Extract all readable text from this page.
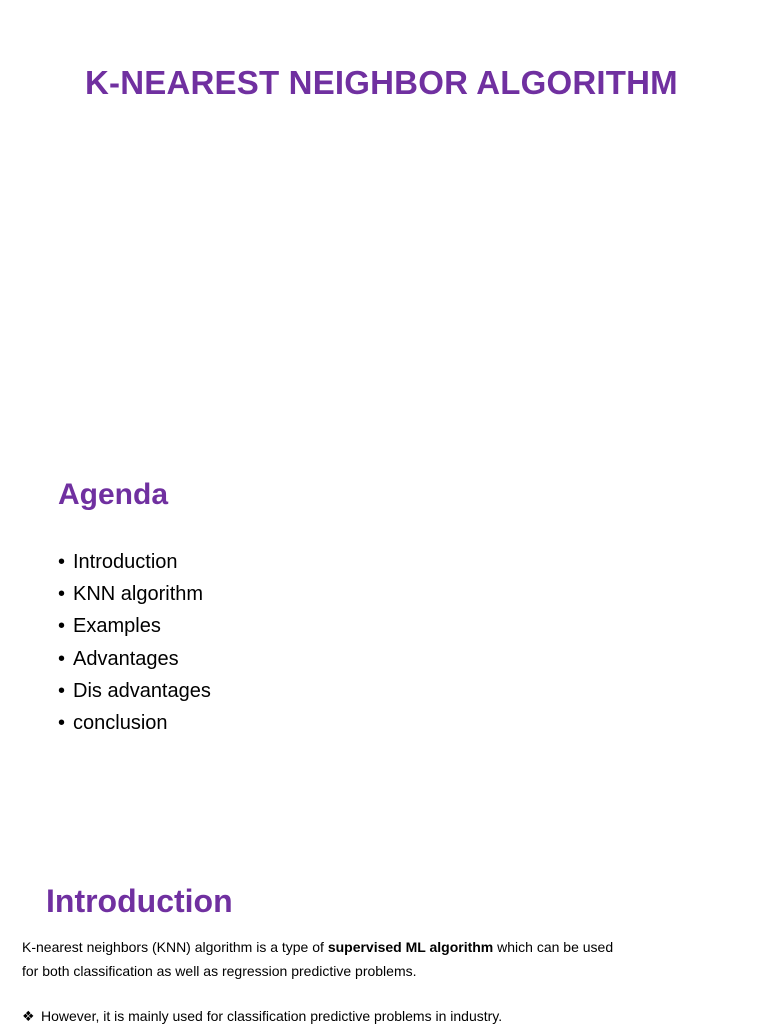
K-NEAREST NEIGHBOR ALGORITHM
Agenda
• Introduction
• KNN algorithm
• Examples
• Advantages
• Dis advantages
• conclusion
Introduction
K-nearest neighbors (KNN) algorithm is a type of supervised ML algorithm which can be used for both classification as well as regression predictive problems.
❖ However, it is mainly used for classification predictive problems in industry.
